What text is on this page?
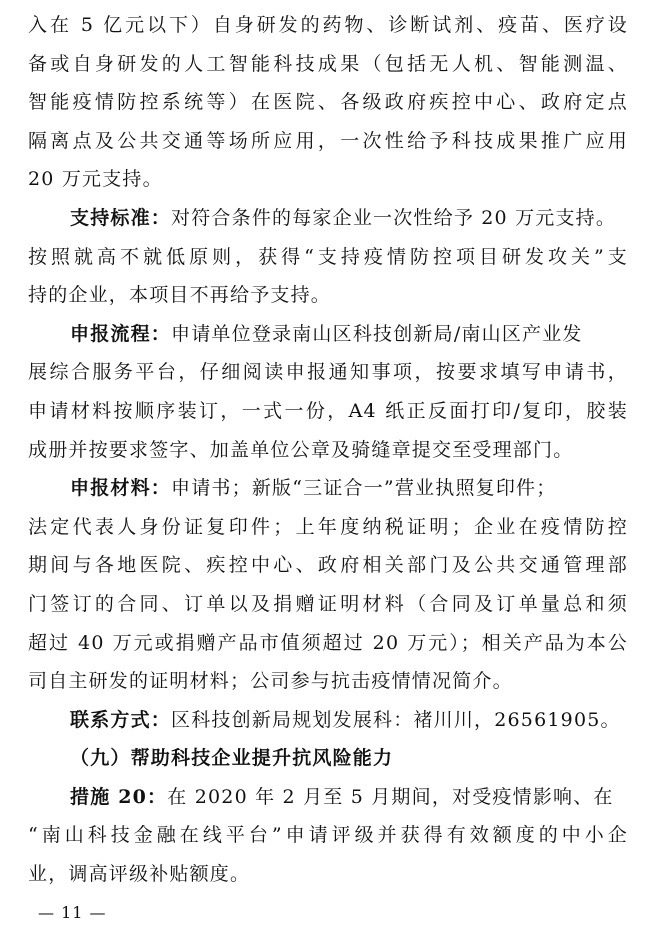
入在 5 亿元以下）自身研发的药物、诊断试剂、疫苗、医疗设
备或自身研发的人工智能科技成果（包括无人机、智能测温、
智能疫情防控系统等）在医院、各级政府疾控中心、政府定点
隔离点及公共交通等场所应用，一次性给予科技成果推广应用
20 万元支持。
支持标准：对符合条件的每家企业一次性给予 20 万元支持。
按照就高不就低原则，获得“支持疫情防控项目研发攻关”支
持的企业，本项目不再给予支持。
申报流程：申请单位登录南山区科技创新局/南山区产业发
展综合服务平台，仔细阅读申报通知事项，按要求填写申请书，
申请材料按顺序装订，一式一份，A4 纸正反面打印/复印，胶装
成册并按要求签字、加盖单位公章及骑缝章提交至受理部门。
申报材料：申请书；新版“三证合一”营业执照复印件；
法定代表人身份证复印件；上年度纳税证明；企业在疫情防控
期间与各地医院、疾控中心、政府相关部门及公共交通管理部
门签订的合同、订单以及捐赠证明材料（合同及订单量总和须
超过 40 万元或捐赠产品市值须超过 20 万元）；相关产品为本公
司自主研发的证明材料；公司参与抗击疫情情况简介。
联系方式：区科技创新局规划发展科：褚川川，26561905。
（九）帮助科技企业提升抗风险能力
措施 20：在 2020 年 2 月至 5 月期间，对受疫情影响、在
“南山科技金融在线平台”申请评级并获得有效额度的中小企
业，调高评级补贴额度。
— 11 —
